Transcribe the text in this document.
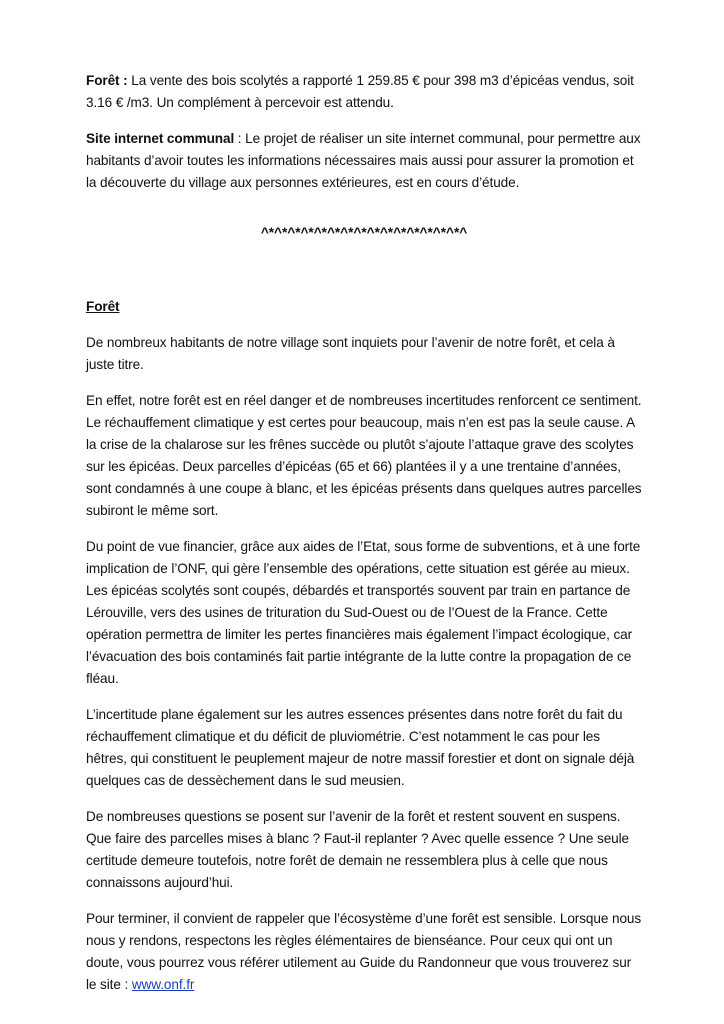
Forêt : La vente des bois scolytés a rapporté 1 259.85 € pour 398 m3 d’épicéas vendus, soit 3.16 € /m3. Un complément à percevoir est attendu.

Site internet communal : Le projet de réaliser un site internet communal, pour permettre aux habitants d’avoir toutes les informations nécessaires mais aussi pour assurer la promotion et la découverte du village aux personnes extérieures, est en cours d’étude.

^*^*^*^*^*^*^*^*^*^*^*^*^*^*^*^
Forêt

De nombreux habitants de notre village sont inquiets pour l’avenir de notre forêt, et cela à juste titre.

En effet, notre forêt est en réel danger et de nombreuses incertitudes renforcent ce sentiment. Le réchauffement climatique y est certes pour beaucoup, mais n’en est pas la seule cause. A la crise de la chalarose sur les frênes succède ou plutôt s’ajoute l’attaque grave des scolytes sur les épicéas. Deux parcelles d’épicéas (65 et 66) plantées il y a une trentaine d’années, sont condamnés à une coupe à blanc, et les épicéas présents dans quelques autres parcelles subiront le même sort.

Du point de vue financier, grâce aux aides de l’Etat, sous forme de subventions, et à une forte implication de l’ONF, qui gère l’ensemble des opérations, cette situation est gérée au mieux. Les épicéas scolytés sont coupés, débardés et transportés souvent par train en partance de Lérouville, vers des usines de trituration du Sud-Ouest ou de l’Ouest de la France. Cette opération permettra de limiter les pertes financières mais également l’impact écologique, car l’évacuation des bois contaminés fait partie intégrante de la lutte contre la propagation de ce fléau.

L’incertitude plane également sur les autres essences présentes dans notre forêt du fait du réchauffement climatique et du déficit de pluviométrie. C’est notamment le cas pour les hêtres, qui constituent le peuplement majeur de notre massif forestier et dont on signale déjà quelques cas de dessèchement dans le sud meusien.

De nombreuses questions se posent sur l’avenir de la forêt et restent souvent en suspens. Que faire des parcelles mises à blanc ? Faut-il replanter ? Avec quelle essence ? Une seule certitude demeure toutefois, notre forêt de demain ne ressemblera plus à celle que nous connaissons aujourd’hui.

Pour terminer, il convient de rappeler que l’écosystème d’une forêt est sensible. Lorsque nous nous y rendons, respectons les règles élémentaires de bienséance. Pour ceux qui ont un doute, vous pourrez vous référer utilement au Guide du Randonneur que vous trouverez sur le site : www.onf.fr
